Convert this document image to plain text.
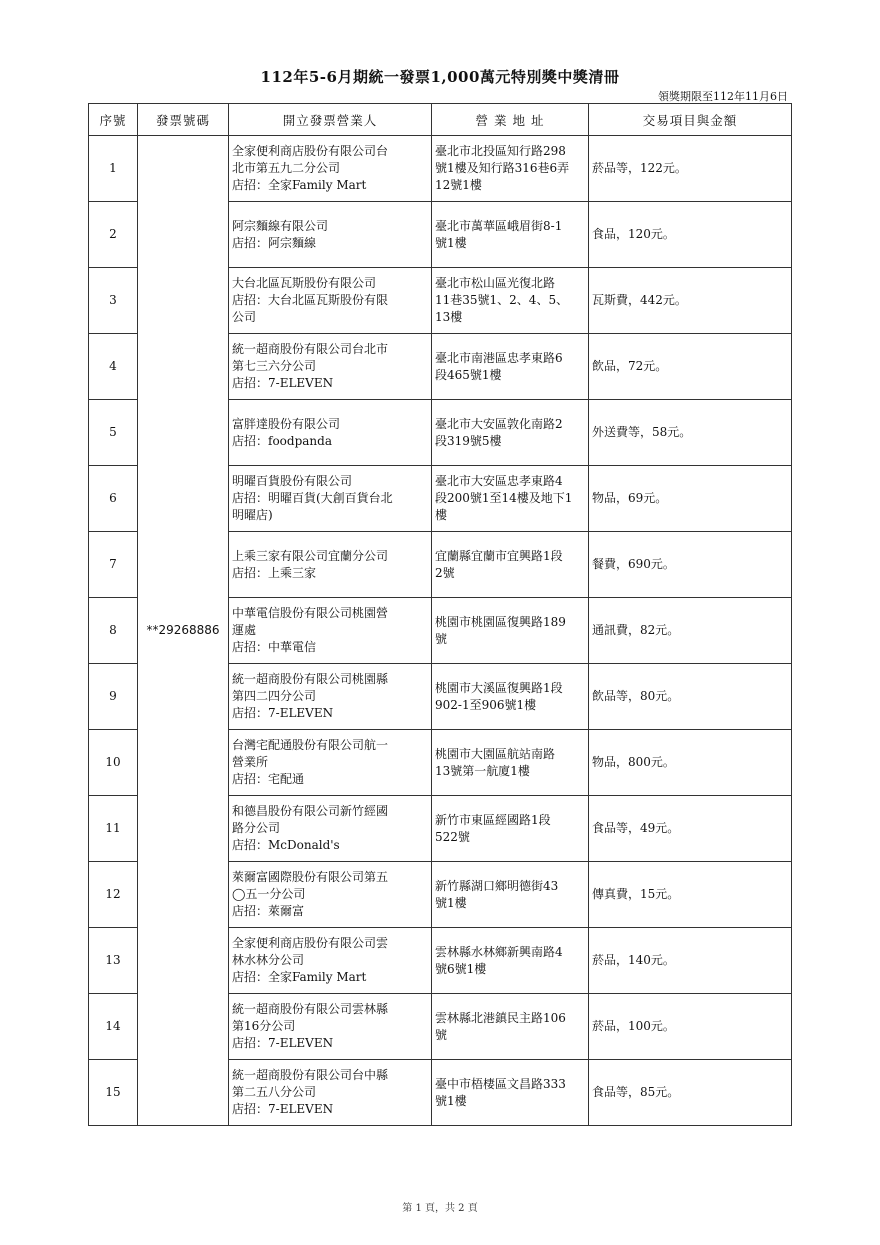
112年5-6月期統一發票1,000萬元特別獎中獎清冊
領獎期限至112年11月6日
序號	發票號碼	開立發票營業人	營 業 地 址	交易項目與金額
1	**29268886	全家便利商店股份有限公司台
北市第五九二分公司
店招：全家Family Mart	臺北市北投區知行路298
號1樓及知行路316巷6弄
12號1樓	菸品等，122元。
2		阿宗麵線有限公司
店招：阿宗麵線	臺北市萬華區峨眉街8-1
號1樓	食品，120元。
3		大台北區瓦斯股份有限公司
店招：大台北區瓦斯股份有限
公司	臺北市松山區光復北路
11巷35號1、2、4、5、
13樓	瓦斯費，442元。
4		統一超商股份有限公司台北市
第七三六分公司
店招：7-ELEVEN	臺北市南港區忠孝東路6
段465號1樓	飲品，72元。
5		富胖達股份有限公司
店招：foodpanda	臺北市大安區敦化南路2
段319號5樓	外送費等，58元。
6		明曜百貨股份有限公司
店招：明曜百貨(大創百貨台北
明曜店)	臺北市大安區忠孝東路4
段200號1至14樓及地下1
樓	物品，69元。
7		上乘三家有限公司宜蘭分公司
店招：上乘三家	宜蘭縣宜蘭市宜興路1段
2號	餐費，690元。
8		中華電信股份有限公司桃園營
運處
店招：中華電信	桃園市桃園區復興路189
號	通訊費，82元。
9		統一超商股份有限公司桃園縣
第四二四分公司
店招：7-ELEVEN	桃園市大溪區復興路1段
902-1至906號1樓	飲品等，80元。
10		台灣宅配通股份有限公司航一
營業所
店招：宅配通	桃園市大園區航站南路
13號第一航廈1樓	物品，800元。
11		和德昌股份有限公司新竹經國
路分公司
店招：McDonald's	新竹市東區經國路1段
522號	食品等，49元。
12		萊爾富國際股份有限公司第五
◯五一分公司
店招：萊爾富	新竹縣湖口鄉明德街43
號1樓	傳真費，15元。
13		全家便利商店股份有限公司雲
林水林分公司
店招：全家Family Mart	雲林縣水林鄉新興南路4
號6號1樓	菸品，140元。
14		統一超商股份有限公司雲林縣
第16分公司
店招：7-ELEVEN	雲林縣北港鎮民主路106
號	菸品，100元。
15		統一超商股份有限公司台中縣
第二五八分公司
店招：7-ELEVEN	臺中市梧棲區文昌路333
號1樓	食品等，85元。
第 1 頁，共 2 頁
